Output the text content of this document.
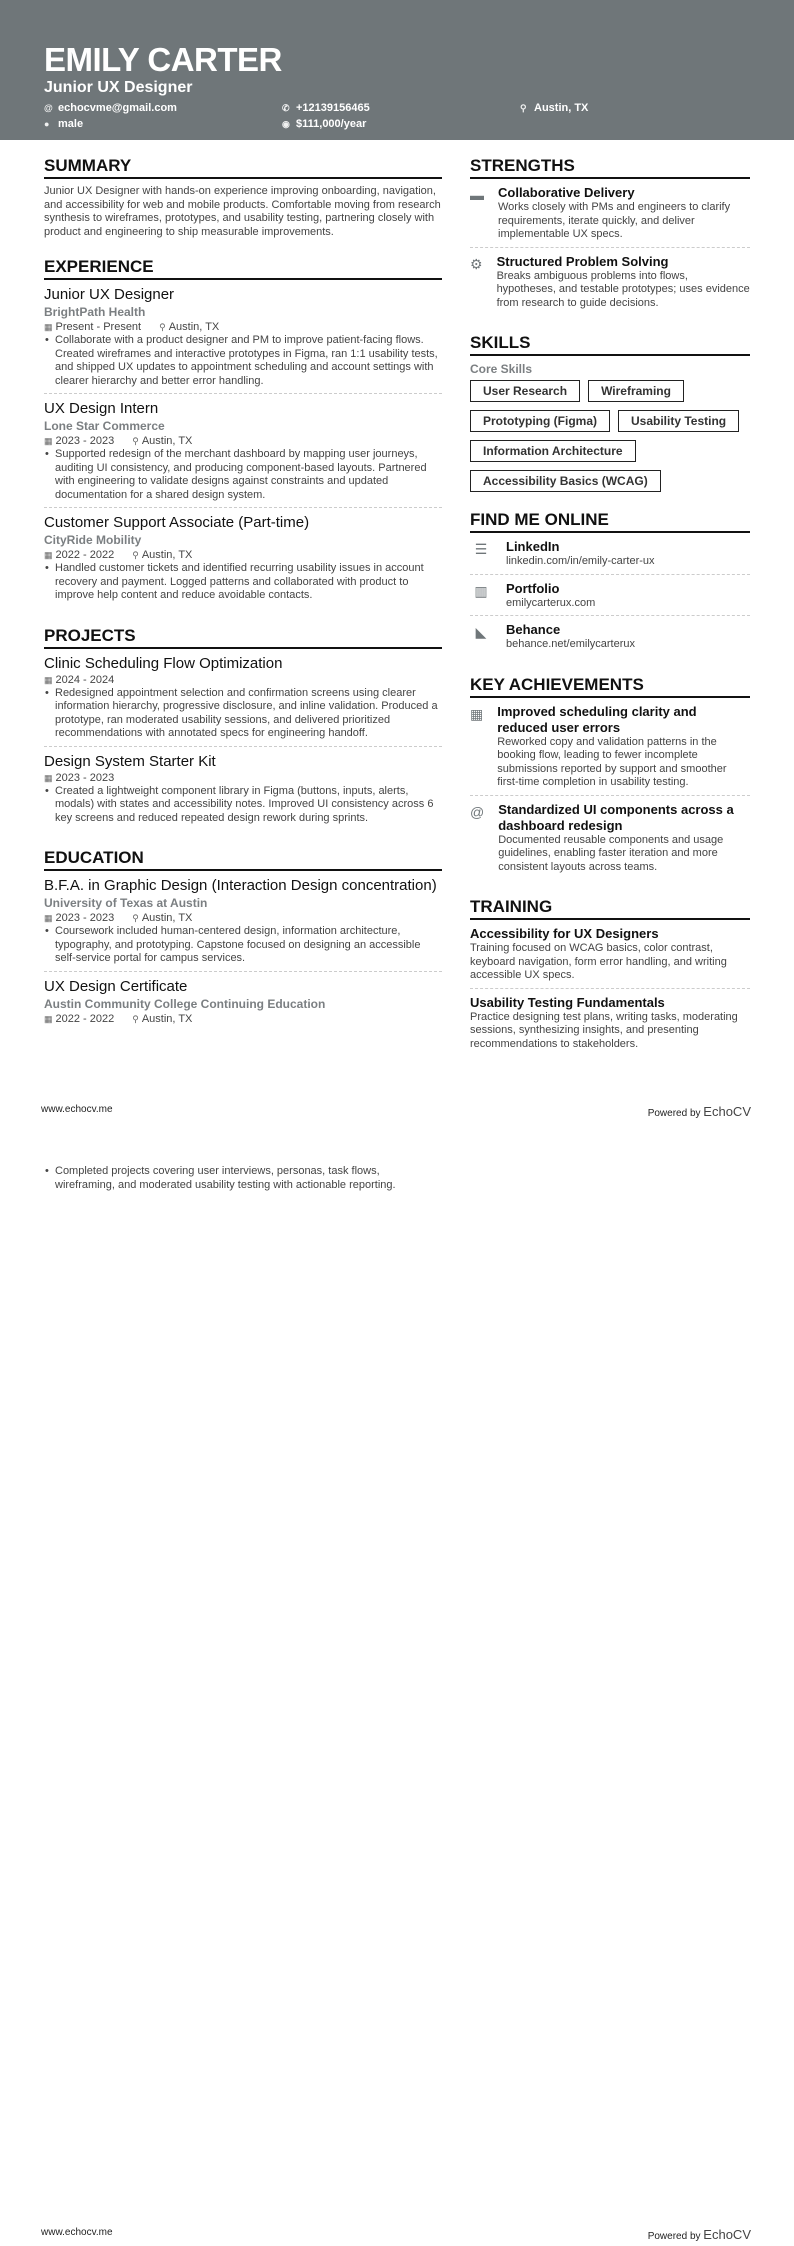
EMILY CARTER
Junior UX Designer
@ echocvme@gmail.com	✆ +12139156465	⚲ Austin, TX
● male	◉ $111,000/year
SUMMARY

Junior UX Designer with hands-on experience improving onboarding, navigation, and accessibility for web and mobile products. Comfortable moving from research synthesis to wireframes, prototypes, and usability testing, partnering closely with product and engineering to ship measurable improvements.

EXPERIENCE
Junior UX Designer
BrightPath Health
▦ Present - Present ⚲ Austin, TX
• Collaborate with a product designer and PM to improve patient-facing flows. Created wireframes and interactive prototypes in Figma, ran 1:1 usability tests, and shipped UX updates to appointment scheduling and account settings with clearer hierarchy and better error handling.
UX Design Intern
Lone Star Commerce
▦ 2023 - 2023 ⚲ Austin, TX
• Supported redesign of the merchant dashboard by mapping user journeys, auditing UI consistency, and producing component-based layouts. Partnered with engineering to validate designs against constraints and updated documentation for a shared design system.
Customer Support Associate (Part-time)
CityRide Mobility
▦ 2022 - 2022 ⚲ Austin, TX
• Handled customer tickets and identified recurring usability issues in account recovery and payment. Logged patterns and collaborated with product to improve help content and reduce avoidable contacts.
PROJECTS
Clinic Scheduling Flow Optimization
▦ 2024 - 2024
• Redesigned appointment selection and confirmation screens using clearer information hierarchy, progressive disclosure, and inline validation. Produced a prototype, ran moderated usability sessions, and delivered prioritized recommendations with annotated specs for engineering handoff.
Design System Starter Kit
▦ 2023 - 2023
• Created a lightweight component library in Figma (buttons, inputs, alerts, modals) with states and accessibility notes. Improved UI consistency across 6 key screens and reduced repeated design rework during sprints.
EDUCATION
B.F.A. in Graphic Design (Interaction Design concentration)
University of Texas at Austin
▦ 2023 - 2023 ⚲ Austin, TX
• Coursework included human-centered design, information architecture, typography, and prototyping. Capstone focused on designing an accessible self-service portal for campus services.
UX Design Certificate
Austin Community College Continuing Education
▦ 2022 - 2022 ⚲ Austin, TX
STRENGTHS
▬ Collaborative Delivery
Works closely with PMs and engineers to clarify requirements, iterate quickly, and deliver implementable UX specs.
⚙ Structured Problem Solving
Breaks ambiguous problems into flows, hypotheses, and testable prototypes; uses evidence from research to guide decisions.
SKILLS
Core Skills
User Research	Wireframing
Prototyping (Figma)	Usability Testing
Information Architecture
Accessibility Basics (WCAG)
FIND ME ONLINE
☰	LinkedIn
linkedin.com/in/emily-carter-ux
▥	Portfolio
emilycarterux.com
◣	Behance
behance.net/emilycarterux
KEY ACHIEVEMENTS
▦ Improved scheduling clarity and reduced user errors
Reworked copy and validation patterns in the booking flow, leading to fewer incomplete submissions reported by support and smoother first-time completion in usability testing.
@ Standardized UI components across a dashboard redesign
Documented reusable components and usage guidelines, enabling faster iteration and more consistent layouts across teams.
TRAINING
Accessibility for UX Designers
Training focused on WCAG basics, color contrast, keyboard navigation, form error handling, and writing accessible UX specs.
Usability Testing Fundamentals
Practice designing test plans, writing tasks, moderating sessions, synthesizing insights, and presenting recommendations to stakeholders.
www.echocv.me	Powered by EchoCV
• Completed projects covering user interviews, personas, task flows, wireframing, and moderated usability testing with actionable reporting.
www.echocv.me	Powered by EchoCV
